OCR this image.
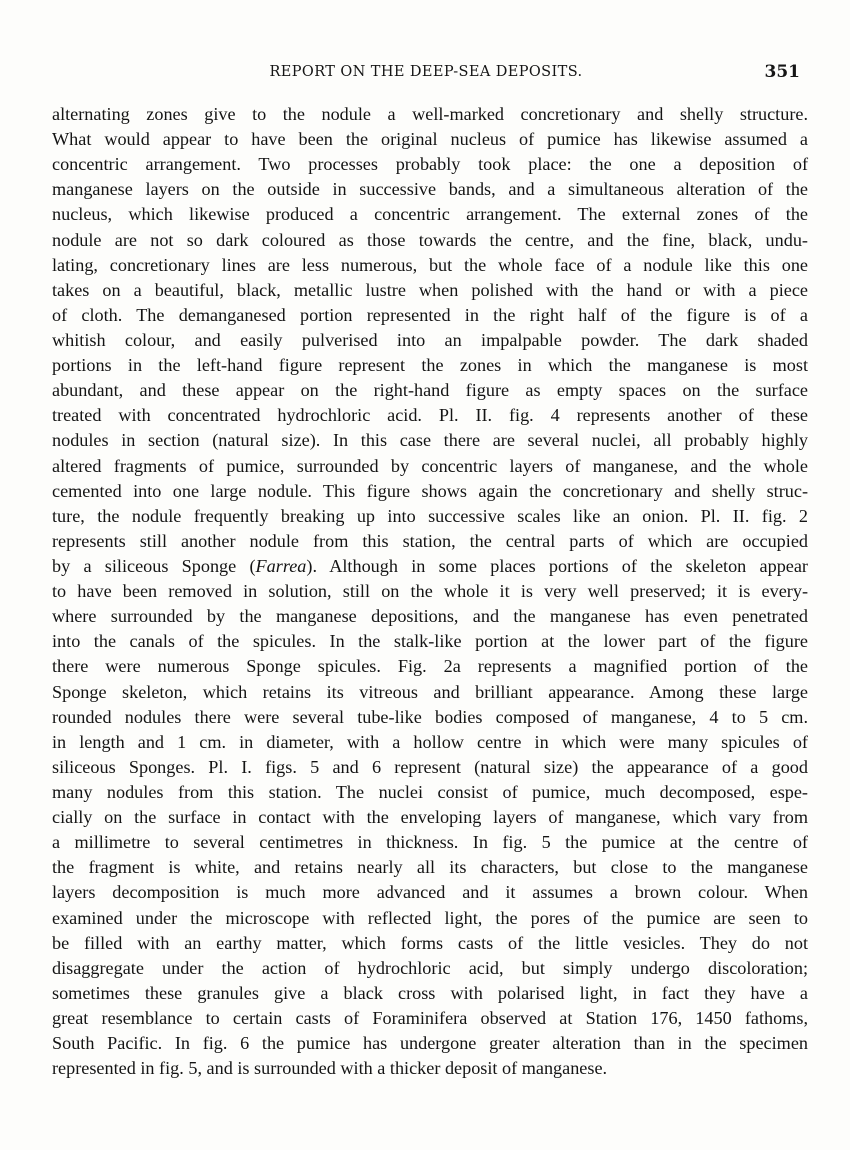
REPORT ON THE DEEP-SEA DEPOSITS.	351
alternating zones give to the nodule a well-marked concretionary and shelly structure.
What would appear to have been the original nucleus of pumice has likewise assumed a
concentric arrangement. Two processes probably took place: the one a deposition of
manganese layers on the outside in successive bands, and a simultaneous alteration of the
nucleus, which likewise produced a concentric arrangement. The external zones of the
nodule are not so dark coloured as those towards the centre, and the fine, black, undu-
lating, concretionary lines are less numerous, but the whole face of a nodule like this one
takes on a beautiful, black, metallic lustre when polished with the hand or with a piece
of cloth. The demanganesed portion represented in the right half of the figure is of a
whitish colour, and easily pulverised into an impalpable powder. The dark shaded
portions in the left-hand figure represent the zones in which the manganese is most
abundant, and these appear on the right-hand figure as empty spaces on the surface
treated with concentrated hydrochloric acid. Pl. II. fig. 4 represents another of these
nodules in section (natural size). In this case there are several nuclei, all probably highly
altered fragments of pumice, surrounded by concentric layers of manganese, and the whole
cemented into one large nodule. This figure shows again the concretionary and shelly struc-
ture, the nodule frequently breaking up into successive scales like an onion. Pl. II. fig. 2
represents still another nodule from this station, the central parts of which are occupied
by a siliceous Sponge (Farrea). Although in some places portions of the skeleton appear
to have been removed in solution, still on the whole it is very well preserved; it is every-
where surrounded by the manganese depositions, and the manganese has even penetrated
into the canals of the spicules. In the stalk-like portion at the lower part of the figure
there were numerous Sponge spicules. Fig. 2a represents a magnified portion of the
Sponge skeleton, which retains its vitreous and brilliant appearance. Among these large
rounded nodules there were several tube-like bodies composed of manganese, 4 to 5 cm.
in length and 1 cm. in diameter, with a hollow centre in which were many spicules of
siliceous Sponges. Pl. I. figs. 5 and 6 represent (natural size) the appearance of a good
many nodules from this station. The nuclei consist of pumice, much decomposed, espe-
cially on the surface in contact with the enveloping layers of manganese, which vary from
a millimetre to several centimetres in thickness. In fig. 5 the pumice at the centre of
the fragment is white, and retains nearly all its characters, but close to the manganese
layers decomposition is much more advanced and it assumes a brown colour. When
examined under the microscope with reflected light, the pores of the pumice are seen to
be filled with an earthy matter, which forms casts of the little vesicles. They do not
disaggregate under the action of hydrochloric acid, but simply undergo discoloration;
sometimes these granules give a black cross with polarised light, in fact they have a
great resemblance to certain casts of Foraminifera observed at Station 176, 1450 fathoms,
South Pacific. In fig. 6 the pumice has undergone greater alteration than in the specimen
represented in fig. 5, and is surrounded with a thicker deposit of manganese.
